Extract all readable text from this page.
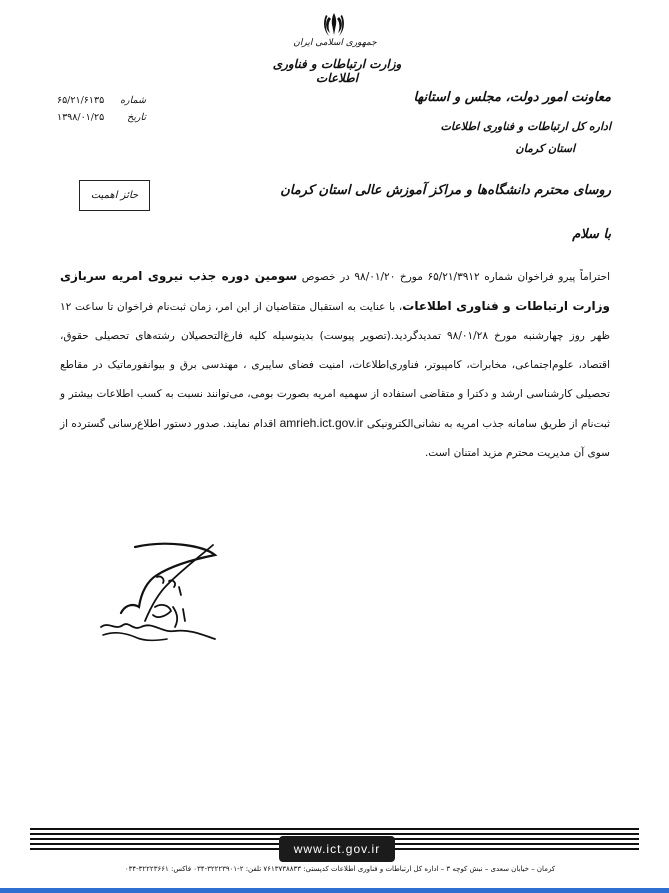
جمهوری اسلامی ایران
وزارت ارتباطات و فناوری اطلاعات
شماره ۶۵/۲۱/۶۱۳۵
تاریخ ۱۳۹۸/۰۱/۲۵
معاونت امور دولت، مجلس و استانها
اداره کل ارتباطات و فناوری اطلاعات
استان کرمان
حائز اهمیت	روسای محترم دانشگاه‌ها و مراکز آموزش عالی استان کرمان
با سلام
احتراماً پیرو فراخوان شماره ۶۵/۲۱/۳۹۱۲ مورخ ۹۸/۰۱/۲۰ در خصوص سومین دوره جذب نیروی امریه سربازی وزارت ارتباطات و فناوری اطلاعات، با عنایت به استقبال متقاضیان از این امر، زمان ثبت‌نام فراخوان تا ساعت ۱۲ ظهر روز چهارشنبه مورخ ۹۸/۰۱/۲۸ تمدیدگردید.(تصویر پیوست) بدینوسیله کلیه فارغ‌التحصیلان رشته‌های تحصیلی حقوق، اقتصاد، علوم‌اجتماعی، مخابرات، کامپیوتر، فناوری‌اطلاعات، امنیت فضای سایبری ، مهندسی برق و بیوانفورماتیک در مقاطع تحصیلی کارشناسی ارشد و دکترا و متقاضی استفاده از سهمیه امریه بصورت بومی، می‌توانند نسبت به کسب اطلاعات بیشتر و ثبت‌نام از طریق سامانه جذب امریه به نشانی‌الکترونیکی amrieh.ict.gov.ir اقدام نمایند. صدور دستور اطلاع‌رسانی گسترده از سوی آن مدیریت محترم مزید امتنان است.
www.ict.gov.ir
کرمان – خیابان سعدی – نبش کوچه ۳ – اداره کل ارتباطات و فناوری اطلاعات کدپستی: ۷۶۱۳۷۳۸۸۳۳ تلفن: ۲-۳۲۲۲۳۹۰۱-۰۳۴ فاکس: ۳۲۲۲۳۶۶۱-۰۳۴
